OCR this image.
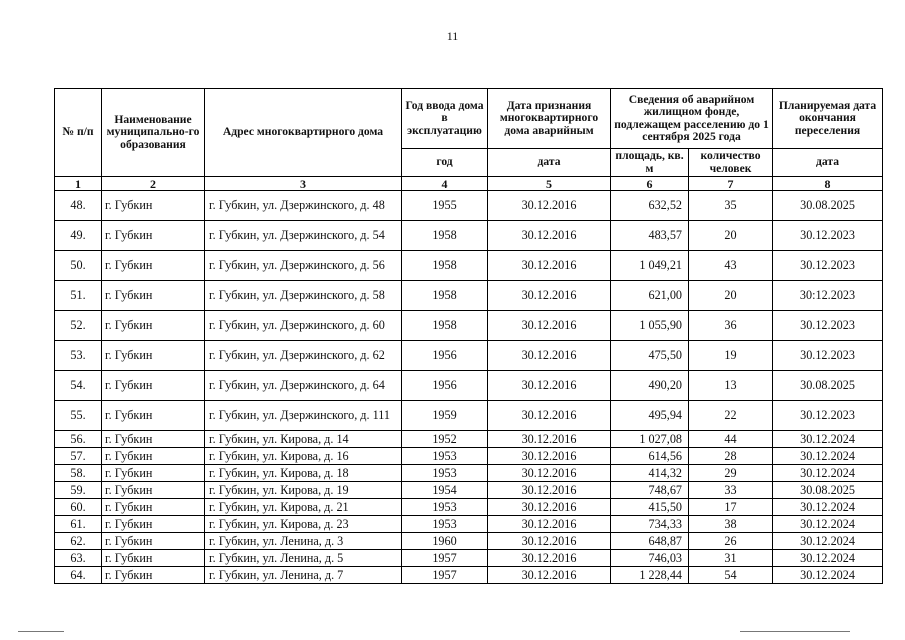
11
№ п/п	Наименование муниципально-го образования	Адрес многоквартирного дома	Год ввода дома в эксплуатацию	Дата признания многоквартирного дома аварийным	Сведения об аварийном жилищном фонде, подлежащем расселению до 1 сентября 2025 года		Планируемая дата окончания переселения
			год	дата	площадь, кв. м	количество человек	дата
1	2	3	4	5	6	7	8
48.	г. Губкин	г. Губкин, ул. Дзержинского, д. 48	1955	30.12.2016	632,52	35	30.08.2025
49.	г. Губкин	г. Губкин, ул. Дзержинского, д. 54	1958	30.12.2016	483,57	20	30.12.2023
50.	г. Губкин	г. Губкин, ул. Дзержинского, д. 56	1958	30.12.2016	1 049,21	43	30.12.2023
51.	г. Губкин	г. Губкин, ул. Дзержинского, д. 58	1958	30.12.2016	621,00	20	30:12.2023
52.	г. Губкин	г. Губкин, ул. Дзержинского, д. 60	1958	30.12.2016	1 055,90	36	30.12.2023
53.	г. Губкин	г. Губкин, ул. Дзержинского, д. 62	1956	30.12.2016	475,50	19	30.12.2023
54.	г. Губкин	г. Губкин, ул. Дзержинского, д. 64	1956	30.12.2016	490,20	13	30.08.2025
55.	г. Губкин	г. Губкин, ул. Дзержинского, д. 111	1959	30.12.2016	495,94	22	30.12.2023
56.	г. Губкин	г. Губкин, ул. Кирова, д. 14	1952	30.12.2016	1 027,08	44	30.12.2024
57.	г. Губкин	г. Губкин, ул. Кирова, д. 16	1953	30.12.2016	614,56	28	30.12.2024
58.	г. Губкин	г. Губкин, ул. Кирова, д. 18	1953	30.12.2016	414,32	29	30.12.2024
59.	г. Губкин	г. Губкин, ул. Кирова, д. 19	1954	30.12.2016	748,67	33	30.08.2025
60.	г. Губкин	г. Губкин, ул. Кирова, д. 21	1953	30.12.2016	415,50	17	30.12.2024
61.	г. Губкин	г. Губкин, ул. Кирова, д. 23	1953	30.12.2016	734,33	38	30.12.2024
62.	г. Губкин	г. Губкин, ул. Ленина, д. 3	1960	30.12.2016	648,87	26	30.12.2024
63.	г. Губкин	г. Губкин, ул. Ленина, д. 5	1957	30.12.2016	746,03	31	30.12.2024
64.	г. Губкин	г. Губкин, ул. Ленина, д. 7	1957	30.12.2016	1 228,44	54	30.12.2024
